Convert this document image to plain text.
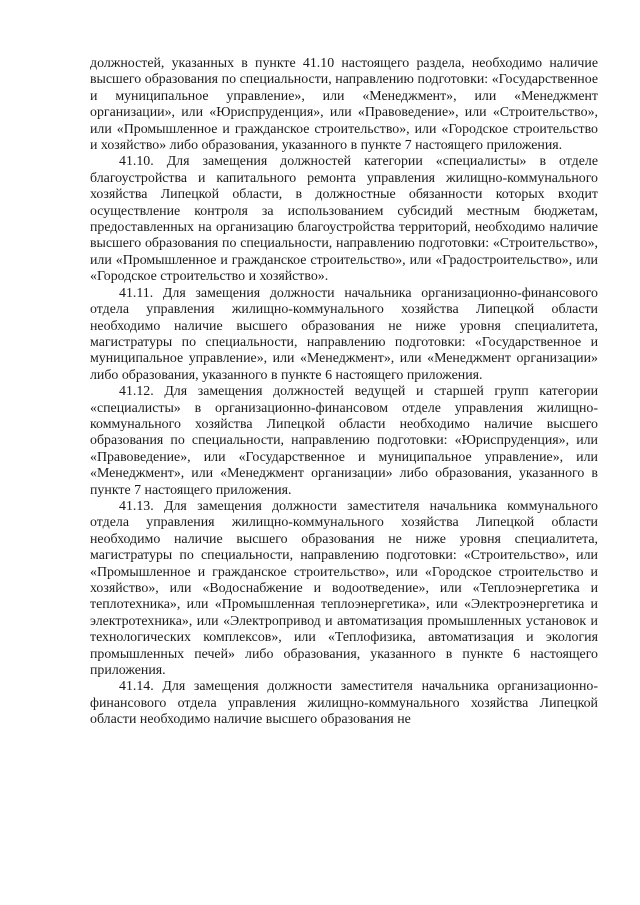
должностей, указанных в пункте 41.10 настоящего раздела, необходимо наличие высшего образования по специальности, направлению подготовки: «Государственное и муниципальное управление», или «Менеджмент», или «Менеджмент организации», или «Юриспруденция», или «Правоведение», или «Строительство», или «Промышленное и гражданское строительство», или «Городское строительство и хозяйство» либо образования, указанного в пункте 7 настоящего приложения.

41.10. Для замещения должностей категории «специалисты» в отделе благоустройства и капитального ремонта управления жилищно-коммунального хозяйства Липецкой области, в должностные обязанности которых входит осуществление контроля за использованием субсидий местным бюджетам, предоставленных на организацию благоустройства территорий, необходимо наличие высшего образования по специальности, направлению подготовки: «Строительство», или «Промышленное и гражданское строительство», или «Градостроительство», или «Городское строительство и хозяйство».

41.11. Для замещения должности начальника организационно-финансового отдела управления жилищно-коммунального хозяйства Липецкой области необходимо наличие высшего образования не ниже уровня специалитета, магистратуры по специальности, направлению подготовки: «Государственное и муниципальное управление», или «Менеджмент», или «Менеджмент организации» либо образования, указанного в пункте 6 настоящего приложения.

41.12. Для замещения должностей ведущей и старшей групп категории «специалисты» в организационно-финансовом отделе управления жилищно-коммунального хозяйства Липецкой области необходимо наличие высшего образования по специальности, направлению подготовки: «Юриспруденция», или «Правоведение», или «Государственное и муниципальное управление», или «Менеджмент», или «Менеджмент организации» либо образования, указанного в пункте 7 настоящего приложения.

41.13. Для замещения должности заместителя начальника коммунального отдела управления жилищно-коммунального хозяйства Липецкой области необходимо наличие высшего образования не ниже уровня специалитета, магистратуры по специальности, направлению подготовки: «Строительство», или «Промышленное и гражданское строительство», или «Городское строительство и хозяйство», или «Водоснабжение и водоотведение», или «Теплоэнергетика и теплотехника», или «Промышленная теплоэнергетика», или «Электроэнергетика и электротехника», или «Электропривод и автоматизация промышленных установок и технологических комплексов», или «Теплофизика, автоматизация и экология промышленных печей» либо образования, указанного в пункте 6 настоящего приложения.

41.14. Для замещения должности заместителя начальника организационно-финансового отдела управления жилищно-коммунального хозяйства Липецкой области необходимо наличие высшего образования не
